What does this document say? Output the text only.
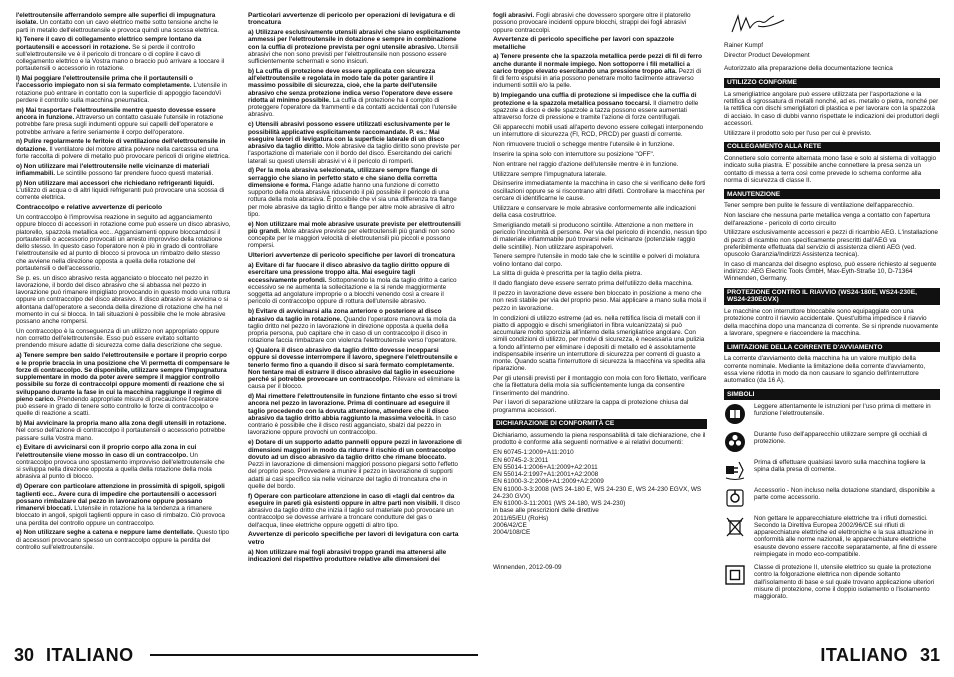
l'elettroutensile afferrandolo sempre alle superfici di impugnatura isolate. Un contatto con un cavo elettrico mette sotto tensione anche le parti in metallo dell'elettroutensile e provoca quindi una scossa elettrica.

k) Tenere il cavo di collegamento elettrico sempre lontano da portautensili e accessori in rotazione. Se si perde il controllo sull'elettroutensile ve è il pericolo di troncare o di coplire il cavo di collegamento elettrico e la Vostra mano o braccio può arrivare a toccare il portautensili o accessorio in rotazione.

l) Mai poggiare l'elettroutensile prima che il portautensili o l'accessorio impiegato non si sia fermato completamente. L'utensile in rotazione può entrare in contatto con la superficie di appoggio facendoVi perdere il controllo sulla macchina pneumatica.

m) Mai trasportare l'elettroutensile mentre questo dovesse essere ancora in funzione. Attraverso un contatto casuale l'utensile in rotazione potrebbe fare presa sugli indumenti oppure sui capelli dell'operatore e potrebbe arrivare a ferire seriamente il corpo dell'operatore.

n) Pulire regolarmente le feritoie di ventilazione dell'elettroutensile in dotazione. Il ventilatore del motore attira polvere nella carcassa ed una forte raccolta di polvere di metallo può provocare pericoli di origine elettrica.

o) Non utilizzare mai l'elettroutensile nelle vicinanze di materiali infiammabili. Le scintille possono far prendere fuoco questi materiali.

p) Non utilizzare mai accessori che richiedano refrigeranti liquidi. L'utilizzo di acqua o di altri liquidi refrigeranti può provocare una scossa di corrente elettrica.

Contraccolpo e relative avvertenze di pericolo

Un contraccolpo è l'improvvisa reazione in seguito ad agganciamento oppure blocco di accessori in rotazione come può essere un disco abrasivo, platorello, spazzola metallica ecc.. Agganciamenti oppure bloccamdosi il portautensili o accessorio provocati un arresto improvviso della rotazione dello stesso. In questo caso l'operatore non è più in grado di controllare l'elettroutensile ed al punto di blocco si provoca un rimbalzo dello stesso che avviene nella direzione opposta a quella della rotazione del portautensili o dell'accessorio.

Se p. es. un disco abrasivo resta agganciato o bloccato nel pezzo in lavorazione, il bordo del disco abrasivo che si abbassa nel pezzo in lavorazione può rimanere impigliato provocando in questo modo una rottura oppure un contraccolpo del disco abrasivo. Il disco abrasivo si avvicina o si allontana dall'operatore a seconda della direzione di rotazione che ha nel momento in cui si blocca. In tali situazioni è possibile che le mole abrasive possano anche rompersi.

Un contraccolpo è la conseguenza di un utilizzo non appropriato oppure non corretto dell'elettroutensile. Esso può essere evitato soltanto prendendo misure adatte di sicurezza come dalla descrizione che segue.

a) Tenere sempre ben saldo l'elettroutensile e portare il proprio corpo e le proprie braccia in una posizione che Vi permetta di compensare le forze di contraccolpo. Se disponibile, utilizzare sempre l'impugnatura supplementare in modo da poter avere sempre il maggior controllo possibile su forze di contraccolpi oppure momenti di reazione che si sviluppano durante la fase in cui la macchina raggiunge il regime di pieno carico. Prendendo appropriate misure di precauzione l'operatore può essere in grado di tenere sotto controllo le forze di contraccolpo e quelle di reazione a scatti.

b) Mai avvicinare la propria mano alla zona degli utensili in rotazione. Nel corso dell'azione di contraccolpo il portautensili o accessorio potrebbe passare sulla Vostra mano.

c) Evitare di avvicinarsi con il proprio corpo alla zona in cui l'elettroutensile viene mosso in caso di un contraccolpo. Un contraccolpo provoca uno spostamento improvviso dell'elettroutensile che si sviluppa nella direzione opposta a quella della rotazione della mola abrasiva al punto di blocco.

d) Operare con particolare attenzione in prossimità di spigoli, spigoli taglienti ecc.. Avere cura di impedire che portautensili o accessori possano rimbalzare dal pezzo in lavorazione oppure possano rimanervi bloccati. L'utensile in rotazione ha la tendenza a rimanere bloccato in angoli, spigoli taglienti oppure in caso di rimbalzo. Ciò provoca una perdita del controllo oppure un contraccolpo.

e) Non utilizzare seghe a catena e neppure lame dentellate. Questo tipo di accessori provocano spesso un contraccolpo oppure la perdita del controllo sull'elettroutensile.

Particolari avvertenze di pericolo per operazioni di levigatura e di troncatura

a) Utilizzare esclusivamente utensili abrasivi che siano esplicitamente ammessi per l'elettroutensile in dotazione e sempre in combinazione con la cuffia di protezione prevista per ogni utensile abrasivo. Utensili abrasivi che non sono previsti per l'elettroutensile non possono essere sufficientemente schermati e sono insicuri.

b) La cuffia di protezione deve essere applicata con sicurezza all'elettroutensile e regolata in modo tale da poter garantire il massimo possibile di sicurezza, cioè, che la parte dell'utensile abrasivo che senza protezione indica verso l'operatore deve essere ridotta al minimo possibile. La cuffia di protezione ha il compito di proteggere l'operatore da frammenti e da contatti accidentali con l'utensile abrasivo.

c) Utensili abrasivi possono essere utilizzati esclusivamente per le possibilità applicative esplicitamente raccomandate. P. es.: Mai eseguire lavori di levigatura con la superficie laterale di un disco abrasivo da taglio diritto. Mole abrasive da taglio diritto sono previste per l'asportazione di materiale con il bordo del disco. Esercitando dei carichi laterali su questi utensili abrasivi vi è il pericolo di romperli.

d) Per la mola abrasiva selezionata, utilizzare sempre flange di serraggio che siano in perfetto stato e che siano della corretta dimensione e forma. Flange adatte hanno una funzione di corretto supporto della mola abrasiva riducendo il più possibile il pericolo di una rottura della mola abrasiva. È possibile che vi sia una differenza tra flange per mole abrasive da taglio diritto e flange per altre mole abrasive di altro tipo.

e) Non utilizzare mai mole abrasive usurate previste per elettroutensili più grandi. Mole abrasive previste per elettroutensili più grandi non sono concepite per le maggiori velocità di elettroutensili più piccoli e possono rompersi.

Ulteriori avvertenze di pericolo specifiche per lavori di troncatura

a) Evitare di far fuocare il disco abrasivo da taglio diritto oppure di esercitare una pressione troppo alta. Mai eseguire tagli eccessivamente profondi. Sottoponendo la mola da taglio dritto a carico eccessivo se ne aumenta la sollecitazione e la si rende maggiormente soggetta ad angolature improprie o a blocchi venendo così a creare il pericolo di contraccolpo oppure di rottura dell'utensile abrasivo.

b) Evitare di avvicinarsi alla zona anteriore o posteriore al disco abrasivo da taglio in rotazione. Quando l'operatore manovra la mola da taglio dritto nel pezzo in lavorazione in direzione opposta a quella della propria persona, può capitare che in caso di un contraccolpo il disco in rotazione faccia rimbalzare con violenza l'elettroutensile verso l'operatore.

c) Qualora il disco abrasivo da taglio dritto dovesse incepparsi oppure si dovesse interrompere il lavoro, spegnere l'elettroutensile e tenerlo fermo fino a quando il disco si sarà fermato completamente. Non tentare mai di estrarre il disco abrasivo dal taglio in esecuzione perché si potrebbe provocare un contraccolpo. Rilevare ed eliminare la causa per il blocco.

d) Mai rimettere l'elettroutensile in funzione fintanto che esso si trovi ancora nel pezzo in lavorazione. Prima di continuare ad eseguire il taglio procedendo con la dovuta attenzione, attendere che il disco abrasivo da taglio dritto abbia raggiunto la massima velocità. In caso contrario è possibile che il disco resti agganciato, sbalzi dal pezzo in lavorazione oppure provochi un contraccolpo.

e) Dotare di un supporto adatto pannelli oppure pezzi in lavorazione di dimensioni maggiori in modo da ridurre il rischio di un contraccolpo dovuto ad un disco abrasivo da taglio dritto che rimane bloccato. Pezzi in lavorazione di dimensioni maggiori possono piegarsi sotto l'effetto del proprio peso. Provvedere a munire il pezzo in lavorazione di supporti adatti ai casi specifico sia nelle vicinanze del taglio di troncatura che in quelle del bordo.

f) Operare con particolare attenzione in caso di «tagli dal centro» da eseguire in pareti già esistenti oppure in altre parti non visibili. Il disco abrasivo da taglio dritto che inizia il taglio sul materiale può provocare un contraccolpo se dovesse arrivare a troncare condutture del gas o dell'acqua, linee elettriche oppure oggetti di altro tipo.

Avvertenze di pericolo specifiche per lavori di levigatura con carta vetro

a) Non utilizzare mai fogli abrasivi troppo grandi ma attenersi alle indicazioni del rispettivo produttore relative alle dimensioni dei

fogli abrasivi. Fogli abrasivi che dovessero sporgere oltre il platorello possono provocare incidenti oppure blocchi, strappi dei fogli abrasivi oppure contraccolpi.

Avvertenze di pericolo specifiche per lavori con spazzole metalliche

a) Tenere presente che la spazzola metallica perde pezzi di fil di ferro anche durante il normale impiego. Non sottoporre i fili metallici a carico troppo elevato esercitando una pressione troppo alta. Pezzi di fil di ferro espulsi in aria possono penetrare molto facilmente attraverso indumenti sottili e/o la pelle.

b) Impiegando una cuffia di protezione si impedisce che la cuffia di protezione e la spazzola metallica possano toccarsi. Il diametro delle spazzole a disco e delle spazzole a tazza possono essere aumentati attraverso forze di pressione e tramite l'azione di forze centrifugali.

Gli apparecchi mobili usati all'aperto devono essere collegati interponendo un interruttore di sicurezza (FI, RCD, PRCD) per guasti di corrente.

Non rimuovere trucioli o schegge mentre l'utensile è in funzione.

Inserire la spina solo con interruttore su posizione "OFF".

Non entrare nel raggio d'azione dell'utensile mentre è in funzione.

Utilizzare sempre l'impugnatura laterale.

Disinserire immediatamente la macchina in caso che si verificano delle forti oscillazioni oppure se si riscontrano altri difetti. Controllare la macchina per cercare di identificarne le cause.

Utilizzare e conservare le mole abrasive conformemente alle indicazioni della casa costruttrice.

Smerigliando metalli si producono scintille. Attenzione a non mettere in pericolo l'incolumità di persone. Per via del pericolo di incendio, nessun tipo di materiale infiammabile può trovarsi nelle vicinanze (potenziale raggio delle scintille). Non utilizzare aspirapolveri.

Tenere sempre l'utensile in modo tale che le scintille e polveri di molatura volino lontano dal corpo.

La slitta di guida è prescritta per la taglio della pietra.

Il dado flangiato deve essere serrato prima dell'utilizzo della macchina.

Il pezzo in lavorazione deve essere ben bloccato in posizione a meno che non resti stabile per via del proprio peso. Mai applicare a mano sulla mola il pezzo in lavorazione.

In condizioni di utilizzo estreme (ad es. nella rettifica liscia di metalli con il piatto di appoggio e dischi smerigliatori in fibra vulcanizzata) si può accumulare molto sporcizia all'interno della smerigliatrice angolare. Con simili condizioni di utilizzo, per motivi di sicurezza, è necessaria una pulizia a fondo all'interno per eliminare i depositi di metallo ed è assolutamente indispensabile inserire un interruttore di sicurezza per correnti di guasto a monte. Quando scatta l'interruttore di sicurezza la macchina va spedita alla riparazione.

Per gli utensili previsti per il montaggio con mola con foro filettato, verificare che la filettatura della mola sia sufficientemente lunga da consentire l'inserimento del mandrino.

Per i lavori di separazione utilizzare la cappa di protezione chiusa dal programma accessori.

DICHIARAZIONE DI CONFORMITÀ CE

Dichiariamo, assumendo la piena responsabilità di tale dichiarazione, che il prodotto è conforme alla seguenti normative e ai relativi documenti:

EN 60745-1:2009+A11:2010

EN 60745-2-3:2011

EN 55014-1:2006+A1:2009+A2:2011

EN 55014-2:1997+A1:2001+A2:2008

EN 61000-3-2:2006+A1:2009+A2:2009

EN 61000-3-3:2008 (WS 24-180 E, WS 24-230 E, WS 24-230 EGVX, WS 24-230 GVX)

EN 61000-3-11:2001 (WS 24-180, WS 24-230)

in base alle prescrizioni delle direttive

2011/65/EU (RoHs)

2006/42/CE

2004/108/CE

Winnenden, 2012-09-09

Rainer Kumpf

Director Product Development

Autorizzato alla preparazione della documentazione tecnica

UTILIZZO CONFORME

La smerigliatrice angolare può essere utilizzata per l'asportazione e la rettifica di sgrossatura di metalli nonché, ad es. metallo o pietra, nonché per la rettifica con dischi smerigliatori di plastica e per lavorare con la spazzola di acciaio. In caso di dubbi vanno rispettate le indicazioni dei produttori degli accessori.

Utilizzare il prodotto solo per l'uso per cui è previsto.

COLLEGAMENTO ALLA RETE

Connettere solo corrente alternata mono fase e solo al sistema di voltaggio indicato sulla piastra. E' possibile anche connettere la presa senza un contatto di messa a terra così come prevede lo schema conforme alla norma di sicurezza di classe II.

MANUTENZIONE

Tener sempre ben pulite le fessure di ventilazione dell'apparecchio.

Non lasciare che nessuna parte metallica venga a contatto con l'apertura dell'areazione - pericolo di corto circuito

Utilizzare esclusivamente accessori e pezzi di ricambio AEG. L'installazione di pezzi di ricambio non specificamente prescritti dall'AEG va preferibilmente effettuata dal servizio di assistenza clienti AEG (ved. opuscolo Garanzia/Indirizzi Assistenza tecnica).

In caso di mancanza del disegno esploso, può essere richiesto al seguente indirizzo: AEG Electric Tools GmbH, Max-Eyth-Straße 10, D-71364 Winnenden, Germany.

PROTEZIONE CONTRO IL RIAVVIO (WS24-180E, WS24-230E, WS24-230EGVX)

Le macchine con interruttore bloccabile sono equipaggiate con una protezione contro il riavvio accidentale. Quest'ultima impedisce il riavvio della macchina dopo una mancanza di corrente. Se si riprende nuovamente a lavorare, spegnere e riaccendere la macchina.

LIMITAZIONE DELLA CORRENTE D'AVVIAMENTO

La corrente d'avviamento della macchina ha un valore multiplo della corrente nominale. Mediante la limitazione della corrente d'avviamento, essa viene ridotta in modo da non causare lo sgancio dell'interruttore automatico (da 16 A).

SIMBOLI
Leggere attentamente le istruzioni per l'uso prima di mettere in funzione l'elettroutensile.
Durante l'uso dell'apparecchio utilizzare sempre gli occhiali di protezione.
Prima di effettuare qualsiasi lavoro sulla macchina togliere la spina dalla presa di corrente.
Accessorio - Non incluso nella dotazione standard, disponibile a parte come accessorio.
Non gettare le apparecchiature elettriche tra i rifiuti domestici. Secondo la Direttiva Europea 2002/96/CE sui rifiuti di apparecchiature elettriche ed elettroniche e la sua attuazione in conformità alle norme nazionali, le apparecchiature elettriche esauste devono essere raccolte separatamente, al fine di essere reimpiegate in modo eco-compatibile.
Classe di protezione II, utensile elettrico su quale la protezione contro la folgorazione elettrica non dipende soltanto dall'isolamento di base e sul quale trovano applicazione ulteriori misure di protezione, come il doppio isolamento o l'isolamento maggiorato.
30 ITALIANO	ITALIANO 31
